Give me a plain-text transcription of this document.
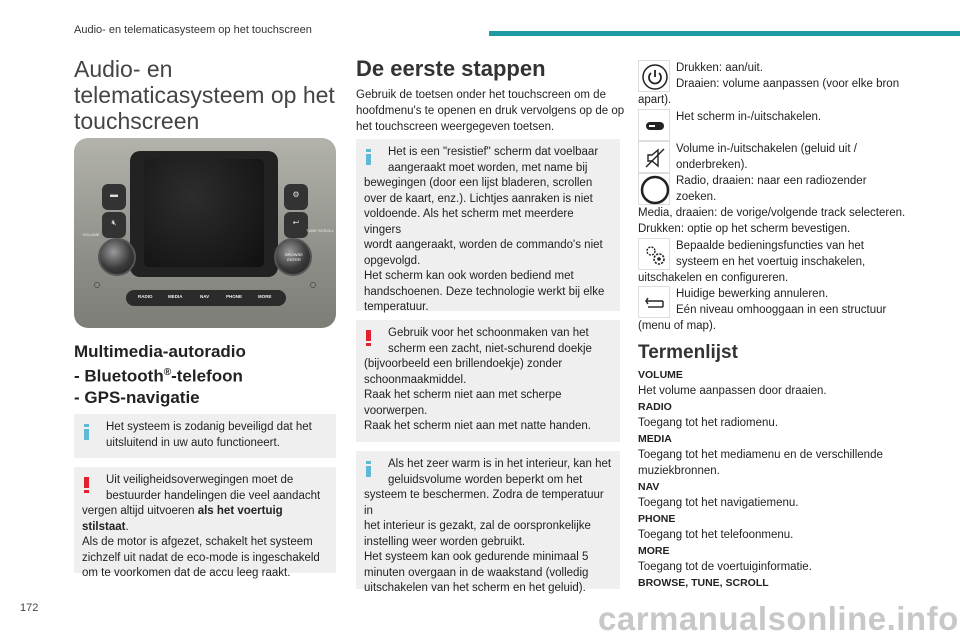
Audio- en telematicasysteem op het touchscreen
Audio- en
telematicasysteem op het
touchscreen
▬
🔇︎
⚙
↩
VOLUME
TUNE SCROLL
BROWSE ENTER
RADIO	MEDIA	NAV	PHONE	MORE
Multimedia-autoradio
- Bluetooth®-telefoon
- GPS-navigatie
Het systeem is zodanig beveiligd dat het
uitsluitend in uw auto functioneert.
Uit veiligheidsoverwegingen moet de
bestuurder handelingen die veel aandacht
vergen altijd uitvoeren als het voertuig stilstaat.
Als de motor is afgezet, schakelt het systeem
zichzelf uit nadat de eco-mode is ingeschakeld
om te voorkomen dat de accu leeg raakt.
De eerste stappen
Gebruik de toetsen onder het touchscreen om de
hoofdmenu's te openen en druk vervolgens op de op
het touchscreen weergegeven toetsen.
Het is een "resistief" scherm dat voelbaar
aangeraakt moet worden, met name bij
bewegingen (door een lijst bladeren, scrollen
over de kaart, enz.). Lichtjes aanraken is niet
voldoende. Als het scherm met meerdere vingers
wordt aangeraakt, worden de commando's niet
opgevolgd.
Het scherm kan ook worden bediend met
handschoenen. Deze technologie werkt bij elke
temperatuur.
Gebruik voor het schoonmaken van het
scherm een zacht, niet-schurend doekje
(bijvoorbeeld een brillendoekje) zonder
schoonmaakmiddel.
Raak het scherm niet aan met scherpe
voorwerpen.
Raak het scherm niet aan met natte handen.
Als het zeer warm is in het interieur, kan het
geluidsvolume worden beperkt om het
systeem te beschermen. Zodra de temperatuur in
het interieur is gezakt, zal de oorspronkelijke
instelling weer worden gebruikt.
Het systeem kan ook gedurende minimaal 5
minuten overgaan in de waakstand (volledig
uitschakelen van het scherm en het geluid).
Drukken: aan/uit.
Draaien: volume aanpassen (voor elke bron
apart).
Het scherm in-/uitschakelen.
Volume in-/uitschakelen (geluid uit /
onderbreken).
Radio, draaien: naar een radiozender
zoeken.
Media, draaien: de vorige/volgende track selecteren.
Drukken: optie op het scherm bevestigen.
Bepaalde bedieningsfuncties van het
systeem en het voertuig inschakelen,
uitschakelen en configureren.
Huidige bewerking annuleren.
Eén niveau omhooggaan in een structuur
(menu of map).
Termenlijst
VOLUME
Het volume aanpassen door draaien.
RADIO
Toegang tot het radiomenu.
MEDIA
Toegang tot het mediamenu en de verschillende
muziekbronnen.
NAV
Toegang tot het navigatiemenu.
PHONE
Toegang tot het telefoonmenu.
MORE
Toegang tot de voertuiginformatie.
BROWSE, TUNE, SCROLL
172	carmanualsonline.info
